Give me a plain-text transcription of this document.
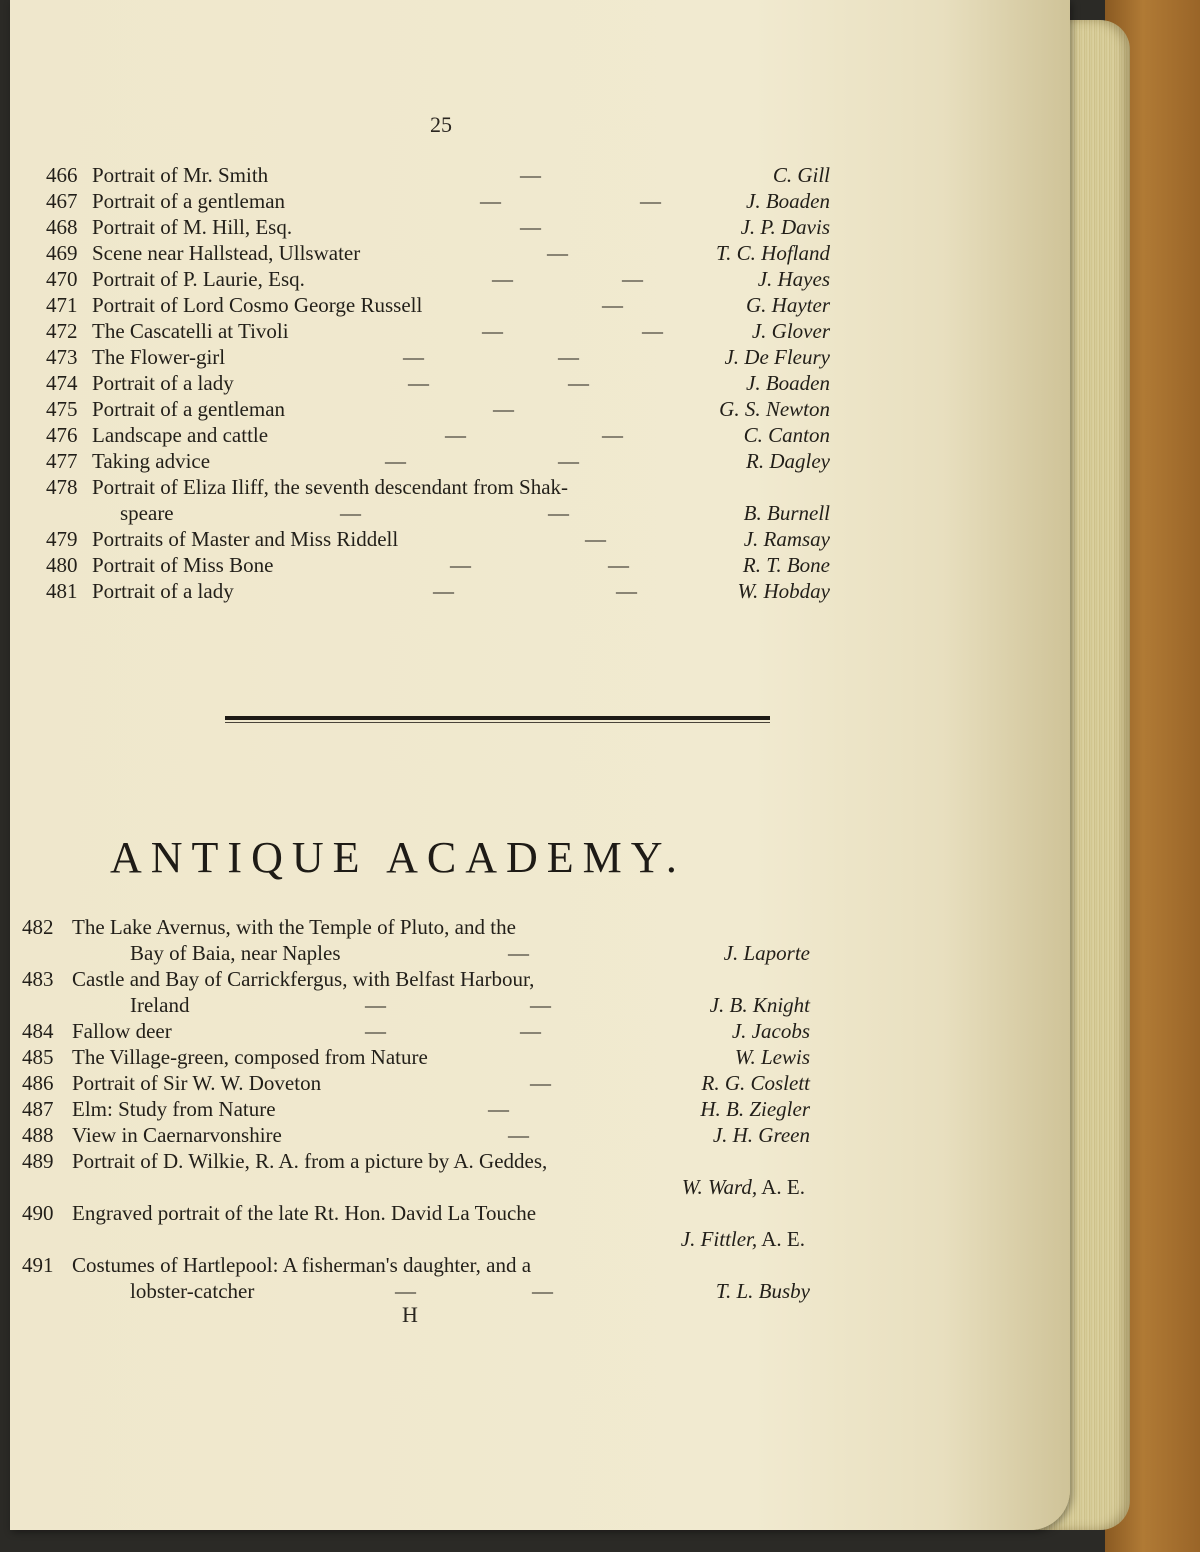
25
466 Portrait of Mr. Smith	—	C. Gill
467 Portrait of a gentleman	—	—	J. Boaden
468 Portrait of M. Hill, Esq.	—	J. P. Davis
469 Scene near Hallstead, Ullswater	—	T. C. Hofland
470 Portrait of P. Laurie, Esq.	—	—	J. Hayes
471 Portrait of Lord Cosmo George Russell	—	G. Hayter
472 The Cascatelli at Tivoli	—	—	J. Glover
473 The Flower-girl	—	—	J. De Fleury
474 Portrait of a lady	—	—	J. Boaden
475 Portrait of a gentleman	—	G. S. Newton
476 Landscape and cattle	—	—	C. Canton
477 Taking advice	—	—	R. Dagley
478 Portrait of Eliza Iliff, the seventh descendant from Shak-
speare	—	—	B. Burnell
479 Portraits of Master and Miss Riddell	—	J. Ramsay
480 Portrait of Miss Bone	—	—	R. T. Bone
481 Portrait of a lady	—	—	W. Hobday
ANTIQUE ACADEMY.
482 The Lake Avernus, with the Temple of Pluto, and the
Bay of Baia, near Naples	—	J. Laporte
483 Castle and Bay of Carrickfergus, with Belfast Harbour,
Ireland	—	—	J. B. Knight
484 Fallow deer	—	—	J. Jacobs
485 The Village-green, composed from Nature	W. Lewis
486 Portrait of Sir W. W. Doveton	—	R. G. Coslett
487 Elm: Study from Nature	—	H. B. Ziegler
488 View in Caernarvonshire	—	J. H. Green
489 Portrait of D. Wilkie, R. A. from a picture by A. Geddes,
W. Ward, A. E.
490 Engraved portrait of the late Rt. Hon. David La Touche
J. Fittler, A. E.
491 Costumes of Hartlepool: A fisherman's daughter, and a
lobster-catcher	—	—	T. L. Busby
H
